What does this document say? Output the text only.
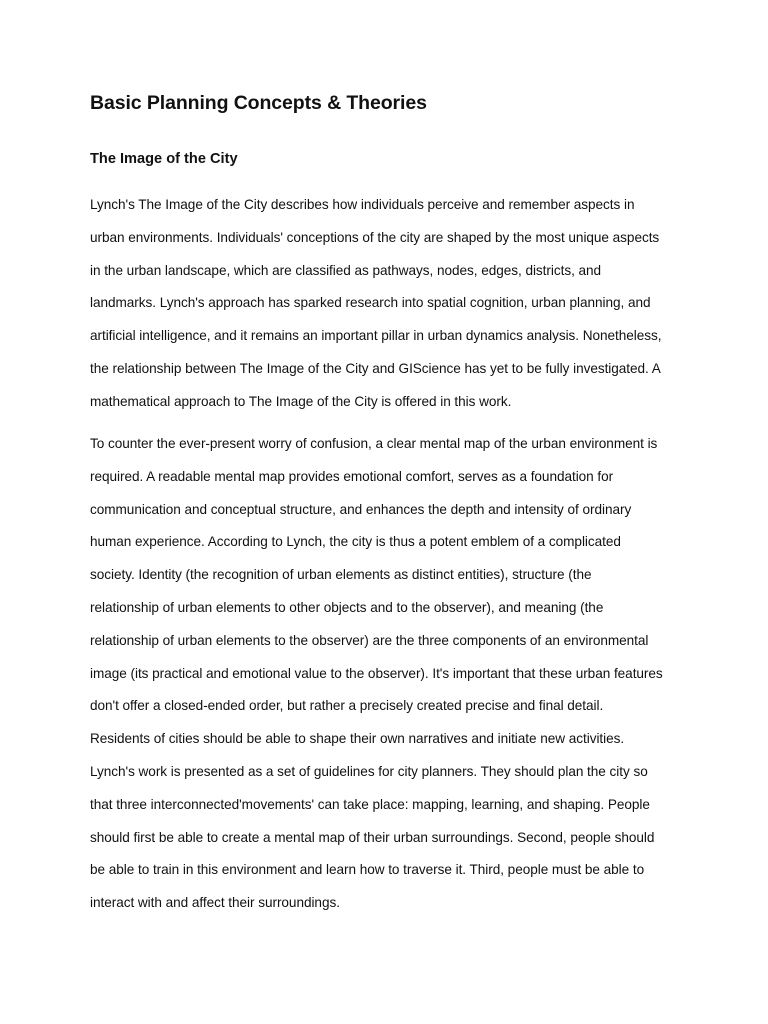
Basic Planning Concepts & Theories
The Image of the City
Lynch's The Image of the City describes how individuals perceive and remember aspects in
urban environments. Individuals' conceptions of the city are shaped by the most unique aspects
in the urban landscape, which are classified as pathways, nodes, edges, districts, and
landmarks. Lynch's approach has sparked research into spatial cognition, urban planning, and
artificial intelligence, and it remains an important pillar in urban dynamics analysis. Nonetheless,
the relationship between The Image of the City and GIScience has yet to be fully investigated. A
mathematical approach to The Image of the City is offered in this work.
To counter the ever-present worry of confusion, a clear mental map of the urban environment is
required. A readable mental map provides emotional comfort, serves as a foundation for
communication and conceptual structure, and enhances the depth and intensity of ordinary
human experience. According to Lynch, the city is thus a potent emblem of a complicated
society. Identity (the recognition of urban elements as distinct entities), structure (the
relationship of urban elements to other objects and to the observer), and meaning (the
relationship of urban elements to the observer) are the three components of an environmental
image (its practical and emotional value to the observer). It's important that these urban features
don't offer a closed-ended order, but rather a precisely created precise and final detail.
Residents of cities should be able to shape their own narratives and initiate new activities.
Lynch's work is presented as a set of guidelines for city planners. They should plan the city so
that three interconnected'movements' can take place: mapping, learning, and shaping. People
should first be able to create a mental map of their urban surroundings. Second, people should
be able to train in this environment and learn how to traverse it. Third, people must be able to
interact with and affect their surroundings.
